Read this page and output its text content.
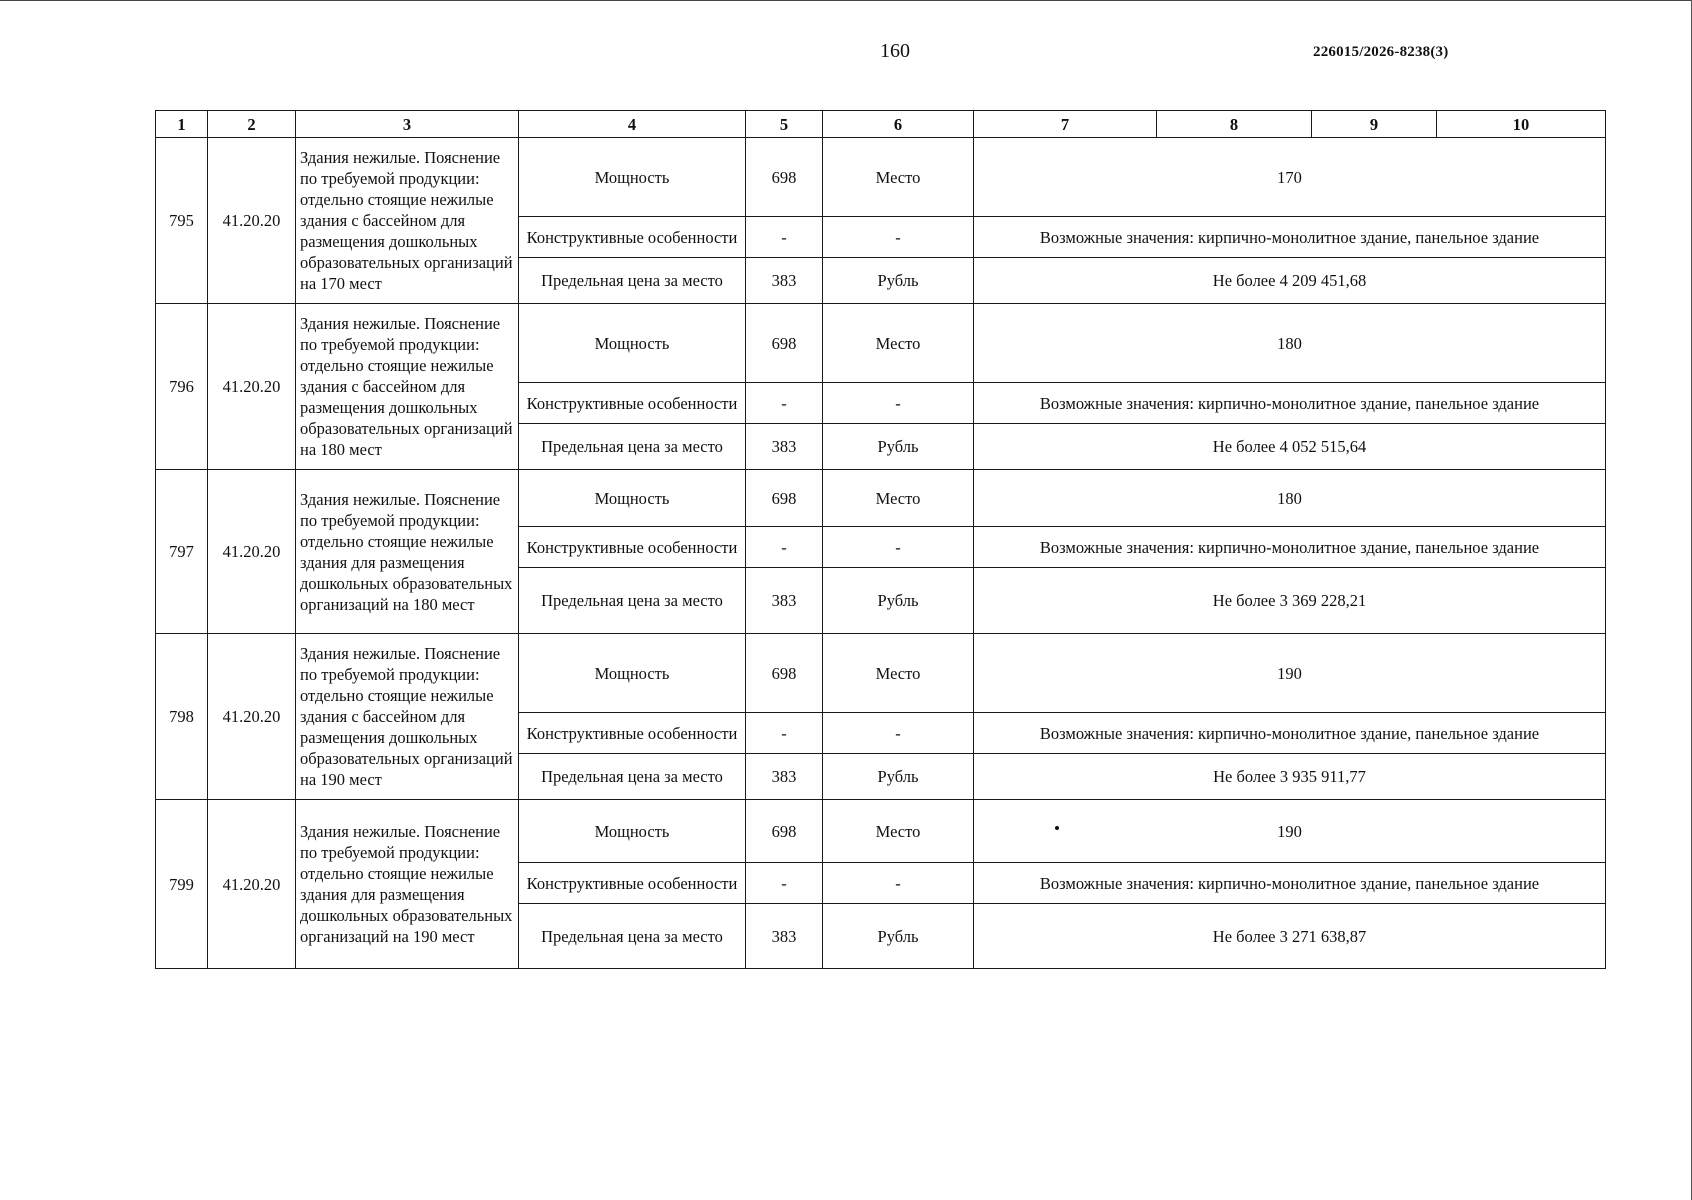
160	226015/2026-8238(3)
1	2	3	4	5	6	7	8	9	10
795	41.20.20	Здания нежилые. Пояснение по требуемой продукции: отдельно стоящие нежилые здания с бассейном для размещения дошкольных образовательных организаций на 170 мест	Мощность	698	Место	170			
			Конструктивные особенности	-	-	Возможные значения: кирпично-монолитное здание, панельное здание			
			Предельная цена за место	383	Рубль	Не более 4 209 451,68			
796	41.20.20	Здания нежилые. Пояснение по требуемой продукции: отдельно стоящие нежилые здания с бассейном для размещения дошкольных образовательных организаций на 180 мест	Мощность	698	Место	180			
			Конструктивные особенности	-	-	Возможные значения: кирпично-монолитное здание, панельное здание			
			Предельная цена за место	383	Рубль	Не более 4 052 515,64			
797	41.20.20	Здания нежилые. Пояснение по требуемой продукции: отдельно стоящие нежилые здания для размещения дошкольных образовательных организаций на 180 мест	Мощность	698	Место	180			
			Конструктивные особенности	-	-	Возможные значения: кирпично-монолитное здание, панельное здание			
			Предельная цена за место	383	Рубль	Не более 3 369 228,21			
798	41.20.20	Здания нежилые. Пояснение по требуемой продукции: отдельно стоящие нежилые здания с бассейном для размещения дошкольных образовательных организаций на 190 мест	Мощность	698	Место	190			
			Конструктивные особенности	-	-	Возможные значения: кирпично-монолитное здание, панельное здание			
			Предельная цена за место	383	Рубль	Не более 3 935 911,77			
799	41.20.20	Здания нежилые. Пояснение по требуемой продукции: отдельно стоящие нежилые здания для размещения дошкольных образовательных организаций на 190 мест	Мощность	698	Место	190			
			Конструктивные особенности	-	-	Возможные значения: кирпично-монолитное здание, панельное здание			
			Предельная цена за место	383	Рубль	Не более 3 271 638,87			
